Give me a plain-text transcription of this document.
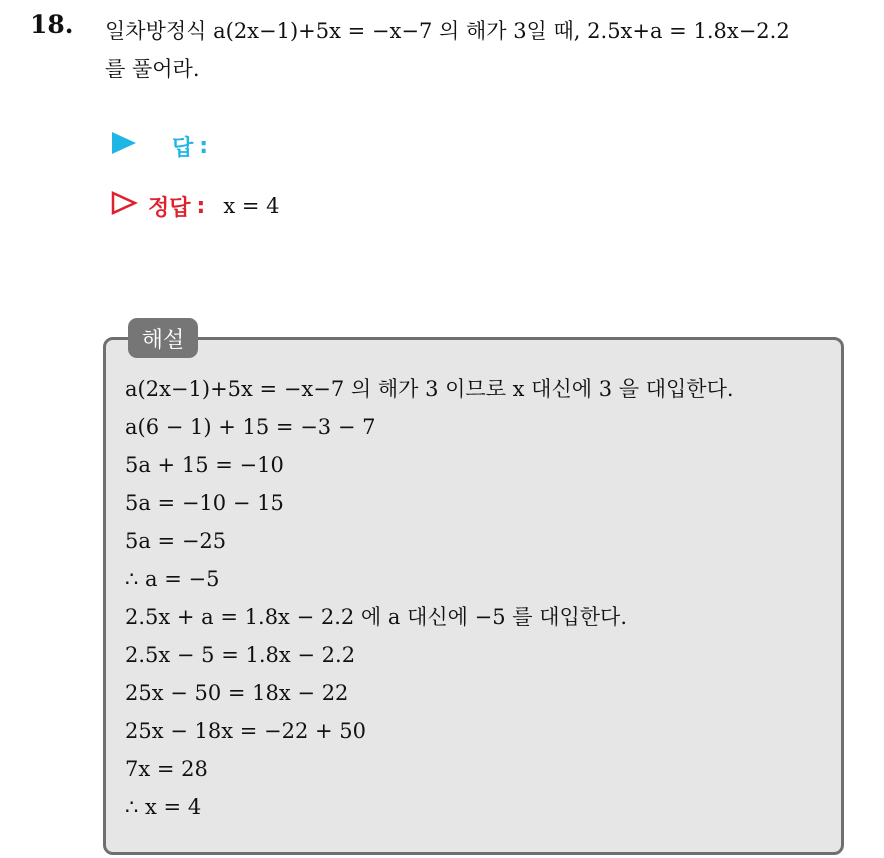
18. 일차방정식 a(2x−1)+5x = −x−7 의 해가 3일 때, 2.5x+a = 1.8x−2.2
를 풀어라.
답 :
정답 : x = 4
해설
a(2x−1)+5x = −x−7 의 해가 3 이므로 x 대신에 3 을 대입한다.
a(6 − 1) + 15 = −3 − 7
5a + 15 = −10
5a = −10 − 15
5a = −25
∴ a = −5
2.5x + a = 1.8x − 2.2 에 a 대신에 −5 를 대입한다.
2.5x − 5 = 1.8x − 2.2
25x − 50 = 18x − 22
25x − 18x = −22 + 50
7x = 28
∴ x = 4
